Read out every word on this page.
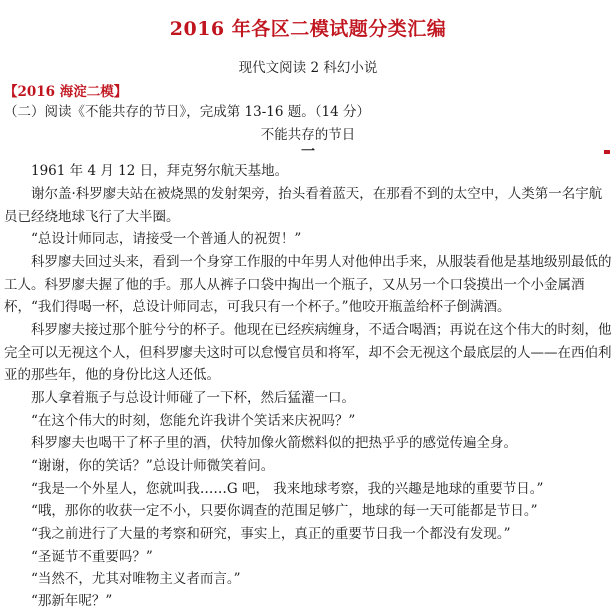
2016 年各区二模试题分类汇编
现代文阅读 2 科幻小说
【2016 海淀二模】
（二）阅读《不能共存的节日》，完成第 13-16 题。（14 分）
不能共存的节日
一

1961 年 4 月 12 日，拜克努尔航天基地。

谢尔盖·科罗廖夫站在被烧黑的发射架旁，抬头看着蓝天，在那看不到的太空中，人类第一名宇航员已经绕地球飞行了大半圈。

“总设计师同志，请接受一个普通人的祝贺！”

科罗廖夫回过头来，看到一个身穿工作服的中年男人对他伸出手来，从服装看他是基地级别最低的工人。科罗廖夫握了他的手。那人从裤子口袋中掏出一个瓶子，又从另一个口袋摸出一个小金属酒杯，“我们得喝一杯，总设计师同志，可我只有一个杯子。”他咬开瓶盖给杯子倒满酒。

科罗廖夫接过那个脏兮兮的杯子。他现在已经疾病缠身，不适合喝酒；再说在这个伟大的时刻，他完全可以无视这个人，但科罗廖夫这时可以怠慢官员和将军，却不会无视这个最底层的人——在西伯利亚的那些年，他的身份比这人还低。

那人拿着瓶子与总设计师碰了一下杯，然后猛灌一口。

“在这个伟大的时刻，您能允许我讲个笑话来庆祝吗？”

科罗廖夫也喝干了杯子里的酒，伏特加像火箭燃料似的把热乎乎的感觉传遍全身。

“谢谢，你的笑话？”总设计师微笑着问。

“我是一个外星人，您就叫我……G 吧， 我来地球考察，我的兴趣是地球的重要节日。”

“哦，那你的收获一定不小，只要你调查的范围足够广，地球的每一天可能都是节日。”

“我之前进行了大量的考察和研究，事实上，真正的重要节日我一个都没有发现。”

“圣诞节不重要吗？”

“当然不，尤其对唯物主义者而言。”

“那新年呢？”
